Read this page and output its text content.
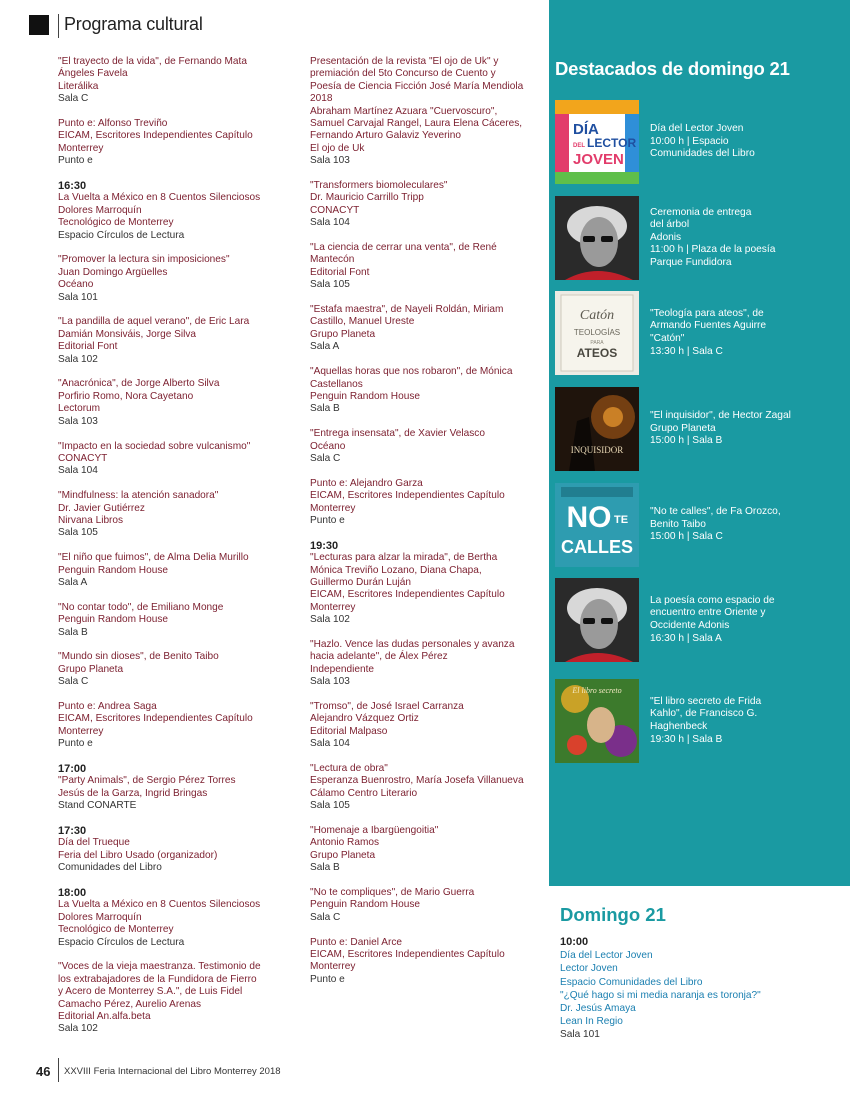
Programa cultural
"El trayecto de la vida", de Fernando Mata
Ángeles Favela
Literálika
Sala C
Punto e: Alfonso Treviño
EICAM, Escritores Independientes Capítulo
Monterrey
Punto e
16:30
La Vuelta a México en 8 Cuentos Silenciosos
Dolores Marroquín
Tecnológico de Monterrey
Espacio Círculos de Lectura
"Promover la lectura sin imposiciones"
Juan Domingo Argüelles
Océano
Sala 101
"La pandilla de aquel verano", de Eric Lara
Damián Monsiváis, Jorge Silva
Editorial Font
Sala 102
"Anacrónica", de Jorge Alberto Silva
Porfirio Romo, Nora Cayetano
Lectorum
Sala 103
"Impacto en la sociedad sobre vulcanismo"
CONACYT
Sala 104
"Mindfulness: la atención sanadora"
Dr. Javier Gutiérrez
Nirvana Libros
Sala 105
"El niño que fuimos", de Alma Delia Murillo
Penguin Random House
Sala A
"No contar todo", de Emiliano Monge
Penguin Random House
Sala B
"Mundo sin dioses", de Benito Taibo
Grupo Planeta
Sala C
Punto e: Andrea Saga
EICAM, Escritores Independientes Capítulo
Monterrey
Punto e
17:00
"Party Animals", de Sergio Pérez Torres
Jesús de la Garza, Ingrid Bringas
Stand CONARTE
17:30
Día del Trueque
Feria del Libro Usado (organizador)
Comunidades del Libro
18:00
La Vuelta a México en 8 Cuentos Silenciosos
Dolores Marroquín
Tecnológico de Monterrey
Espacio Círculos de Lectura
"Voces de la vieja maestranza. Testimonio de
los extrabajadores de la Fundidora de Fierro
y Acero de Monterrey S.A.", de Luis Fidel
Camacho Pérez, Aurelio Arenas
Editorial An.alfa.beta
Sala 102
Presentación de la revista "El ojo de Uk" y
premiación del 5to Concurso de Cuento y
Poesía de Ciencia Ficción José María Mendiola
2018
Abraham Martínez Azuara "Cuervoscuro",
Samuel Carvajal Rangel, Laura Elena Cáceres,
Fernando Arturo Galaviz Yeverino
El ojo de Uk
Sala 103
"Transformers biomoleculares"
Dr. Mauricio Carrillo Tripp
CONACYT
Sala 104
"La ciencia de cerrar una venta", de René
Mantecón
Editorial Font
Sala 105
"Estafa maestra", de Nayeli Roldán, Miriam
Castillo, Manuel Ureste
Grupo Planeta
Sala A
"Aquellas horas que nos robaron", de Mónica
Castellanos
Penguin Random House
Sala B
"Entrega insensata", de Xavier Velasco
Océano
Sala C
Punto e: Alejandro Garza
EICAM, Escritores Independientes Capítulo
Monterrey
Punto e
19:30
"Lecturas para alzar la mirada", de Bertha
Mónica Treviño Lozano, Diana Chapa,
Guillermo Durán Luján
EICAM, Escritores Independientes Capítulo
Monterrey
Sala 102
"Hazlo. Vence las dudas personales y avanza
hacia adelante", de Álex Pérez
Independiente
Sala 103
"Tromso", de José Israel Carranza
Alejandro Vázquez Ortiz
Editorial Malpaso
Sala 104
"Lectura de obra"
Esperanza Buenrostro, María Josefa Villanueva
Cálamo Centro Literario
Sala 105
"Homenaje a Ibargüengoitia"
Antonio Ramos
Grupo Planeta
Sala B
"No te compliques", de Mario Guerra
Penguin Random House
Sala C
Punto e: Daniel Arce
EICAM, Escritores Independientes Capítulo
Monterrey
Punto e
Destacados de domingo 21
DÍA
DEL LECTOR
JOVEN
Día del Lector Joven
10:00 h | Espacio
Comunidades del Libro
Ceremonia de entrega
del árbol
Adonis
11:00 h | Plaza de la poesía
Parque Fundidora
Catón
TEOLOGÍAS
PARA
ATEOS
"Teología para ateos", de
Armando Fuentes Aguirre
"Catón"
13:30 h | Sala C
INQUISIDOR
"El inquisidor", de Hector Zagal
Grupo Planeta
15:00 h | Sala B
NO TE
CALLES
"No te calles", de Fa Orozco,
Benito Taibo
15:00 h | Sala C
La poesía como espacio de
encuentro entre Oriente y
Occidente Adonis
16:30 h | Sala A
El libro secreto
"El libro secreto de Frida
Kahlo", de Francisco G.
Haghenbeck
19:30 h | Sala B
Domingo 21
10:00
Día del Lector Joven
Lector Joven
Espacio Comunidades del Libro
"¿Qué hago si mi media naranja es toronja?"
Dr. Jesús Amaya
Lean In Regio
Sala 101
46 XXVIII Feria Internacional del Libro Monterrey 2018
